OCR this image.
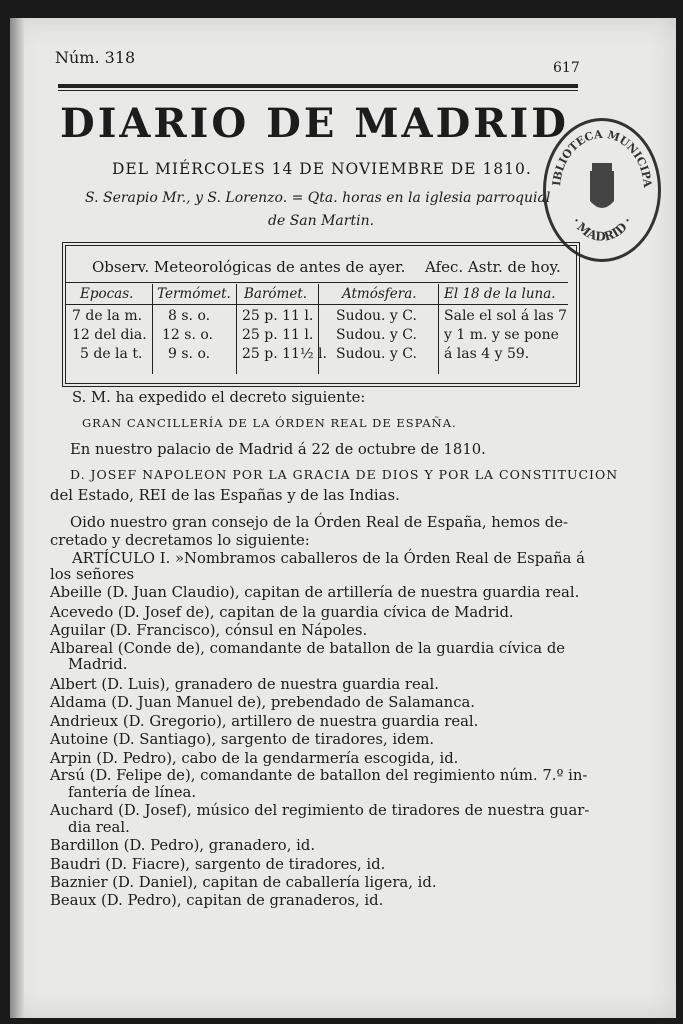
Núm. 318
617
DIARIO DE MADRID
DEL MIÉRCOLES 14 DE NOVIEMBRE DE 1810.
S. Serapio Mr., y S. Lorenzo. = Qta. horas en la iglesia parroquial
de San Martin.
IBLIOTECA MUNICIPA
· MADRID ·
Observ. Meteorológicas de antes de ayer. Afec. Astr. de hoy.
Epocas. Termómet. Barómet.	Atmósfera. El 18 de la luna.
7 de la m. 8 s. o. 25 p. 11 l. Sudou. y C.
12 del dia. 12 s. o. 25 p. 11 l. Sudou. y C.
5 de la t. 9 s. o. 25 p. 11½ l. Sudou. y C.
Sale el sol á las 7
y 1 m. y se pone
á las 4 y 59.
S. M. ha expedido el decreto siguiente:
GRAN CANCILLERÍA DE LA ÓRDEN REAL DE ESPAÑA.
En nuestro palacio de Madrid á 22 de octubre de 1810.
D. JOSEF NAPOLEON POR LA GRACIA DE DIOS Y POR LA CONSTITUCION
del Estado, REI de las Españas y de las Indias.
Oido nuestro gran consejo de la Órden Real de España, hemos de-
cretado y decretamos lo siguiente:
ARTÍCULO I. »Nombramos caballeros de la Órden Real de España á
los señores
Abeille (D. Juan Claudio), capitan de artillería de nuestra guardia real.
Acevedo (D. Josef de), capitan de la guardia cívica de Madrid.
Aguilar (D. Francisco), cónsul en Nápoles.
Albareal (Conde de), comandante de batallon de la guardia cívica de
Madrid.
Albert (D. Luis), granadero de nuestra guardia real.
Aldama (D. Juan Manuel de), prebendado de Salamanca.
Andrieux (D. Gregorio), artillero de nuestra guardia real.
Autoine (D. Santiago), sargento de tiradores, idem.
Arpin (D. Pedro), cabo de la gendarmería escogida, id.
Arsú (D. Felipe de), comandante de batallon del regimiento núm. 7.º in-
fantería de línea.
Auchard (D. Josef), músico del regimiento de tiradores de nuestra guar-
dia real.
Bardillon (D. Pedro), granadero, id.
Baudri (D. Fiacre), sargento de tiradores, id.
Baznier (D. Daniel), capitan de caballería ligera, id.
Beaux (D. Pedro), capitan de granaderos, id.
